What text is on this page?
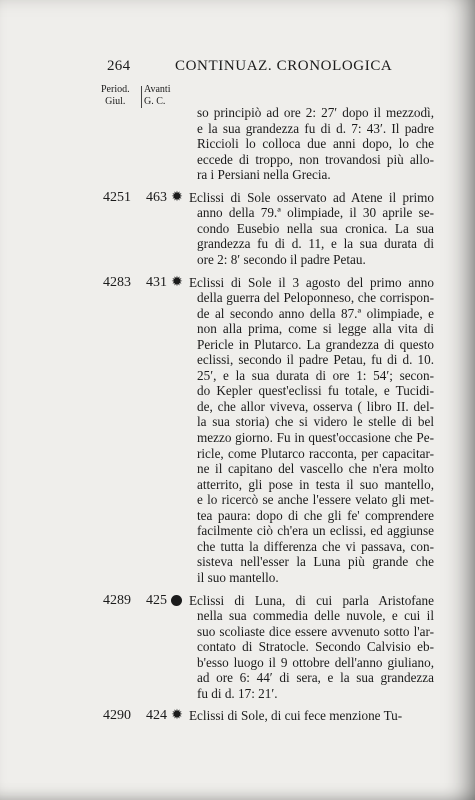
264	CONTINUAZ. CRONOLOGICA
Period.
Giul.
Avanti
G. C.
so principiò ad ore 2: 27′ dopo il mezzodì,
e la sua grandezza fu di d. 7: 43′. Il padre
Riccioli lo colloca due anni dopo, lo che
eccede di troppo, non trovandosi più allo-
ra i Persiani nella Grecia.
4251 463 ✹ Eclissi di Sole osservato ad Atene il primo
anno della 79.ª olimpiade, il 30 aprile se-
condo Eusebio nella sua cronica. La sua
grandezza fu di d. 11, e la sua durata di
ore 2: 8′ secondo il padre Petau.
4283 431 ✹ Eclissi di Sole il 3 agosto del primo anno
della guerra del Peloponneso, che corrispon-
de al secondo anno della 87.ª olimpiade, e
non alla prima, come si legge alla vita di
Pericle in Plutarco. La grandezza di questo
eclissi, secondo il padre Petau, fu di d. 10.
25′, e la sua durata di ore 1: 54′; secon-
do Kepler quest'eclissi fu totale, e Tucidi-
de, che allor viveva, osserva ( libro II. del-
la sua storia) che si videro le stelle di bel
mezzo giorno. Fu in quest'occasione che Pe-
ricle, come Plutarco racconta, per capacitar-
ne il capitano del vascello che n'era molto
atterrito, gli pose in testa il suo mantello,
e lo ricercò se anche l'essere velato gli met-
tea paura: dopo di che gli fe' comprendere
facilmente ciò ch'era un eclissi, ed aggiunse
che tutta la differenza che vi passava, con-
sisteva nell'esser la Luna più grande che
il suo mantello.
4289 425 Eclissi di Luna, di cui parla Aristofane
nella sua commedia delle nuvole, e cui il
suo scoliaste dice essere avvenuto sotto l'ar-
contato di Stratocle. Secondo Calvisio eb-
b'esso luogo il 9 ottobre dell'anno giuliano,
ad ore 6: 44′ di sera, e la sua grandezza
fu di d. 17: 21′.
4290 424 ✹ Eclissi di Sole, di cui fece menzione Tu-
